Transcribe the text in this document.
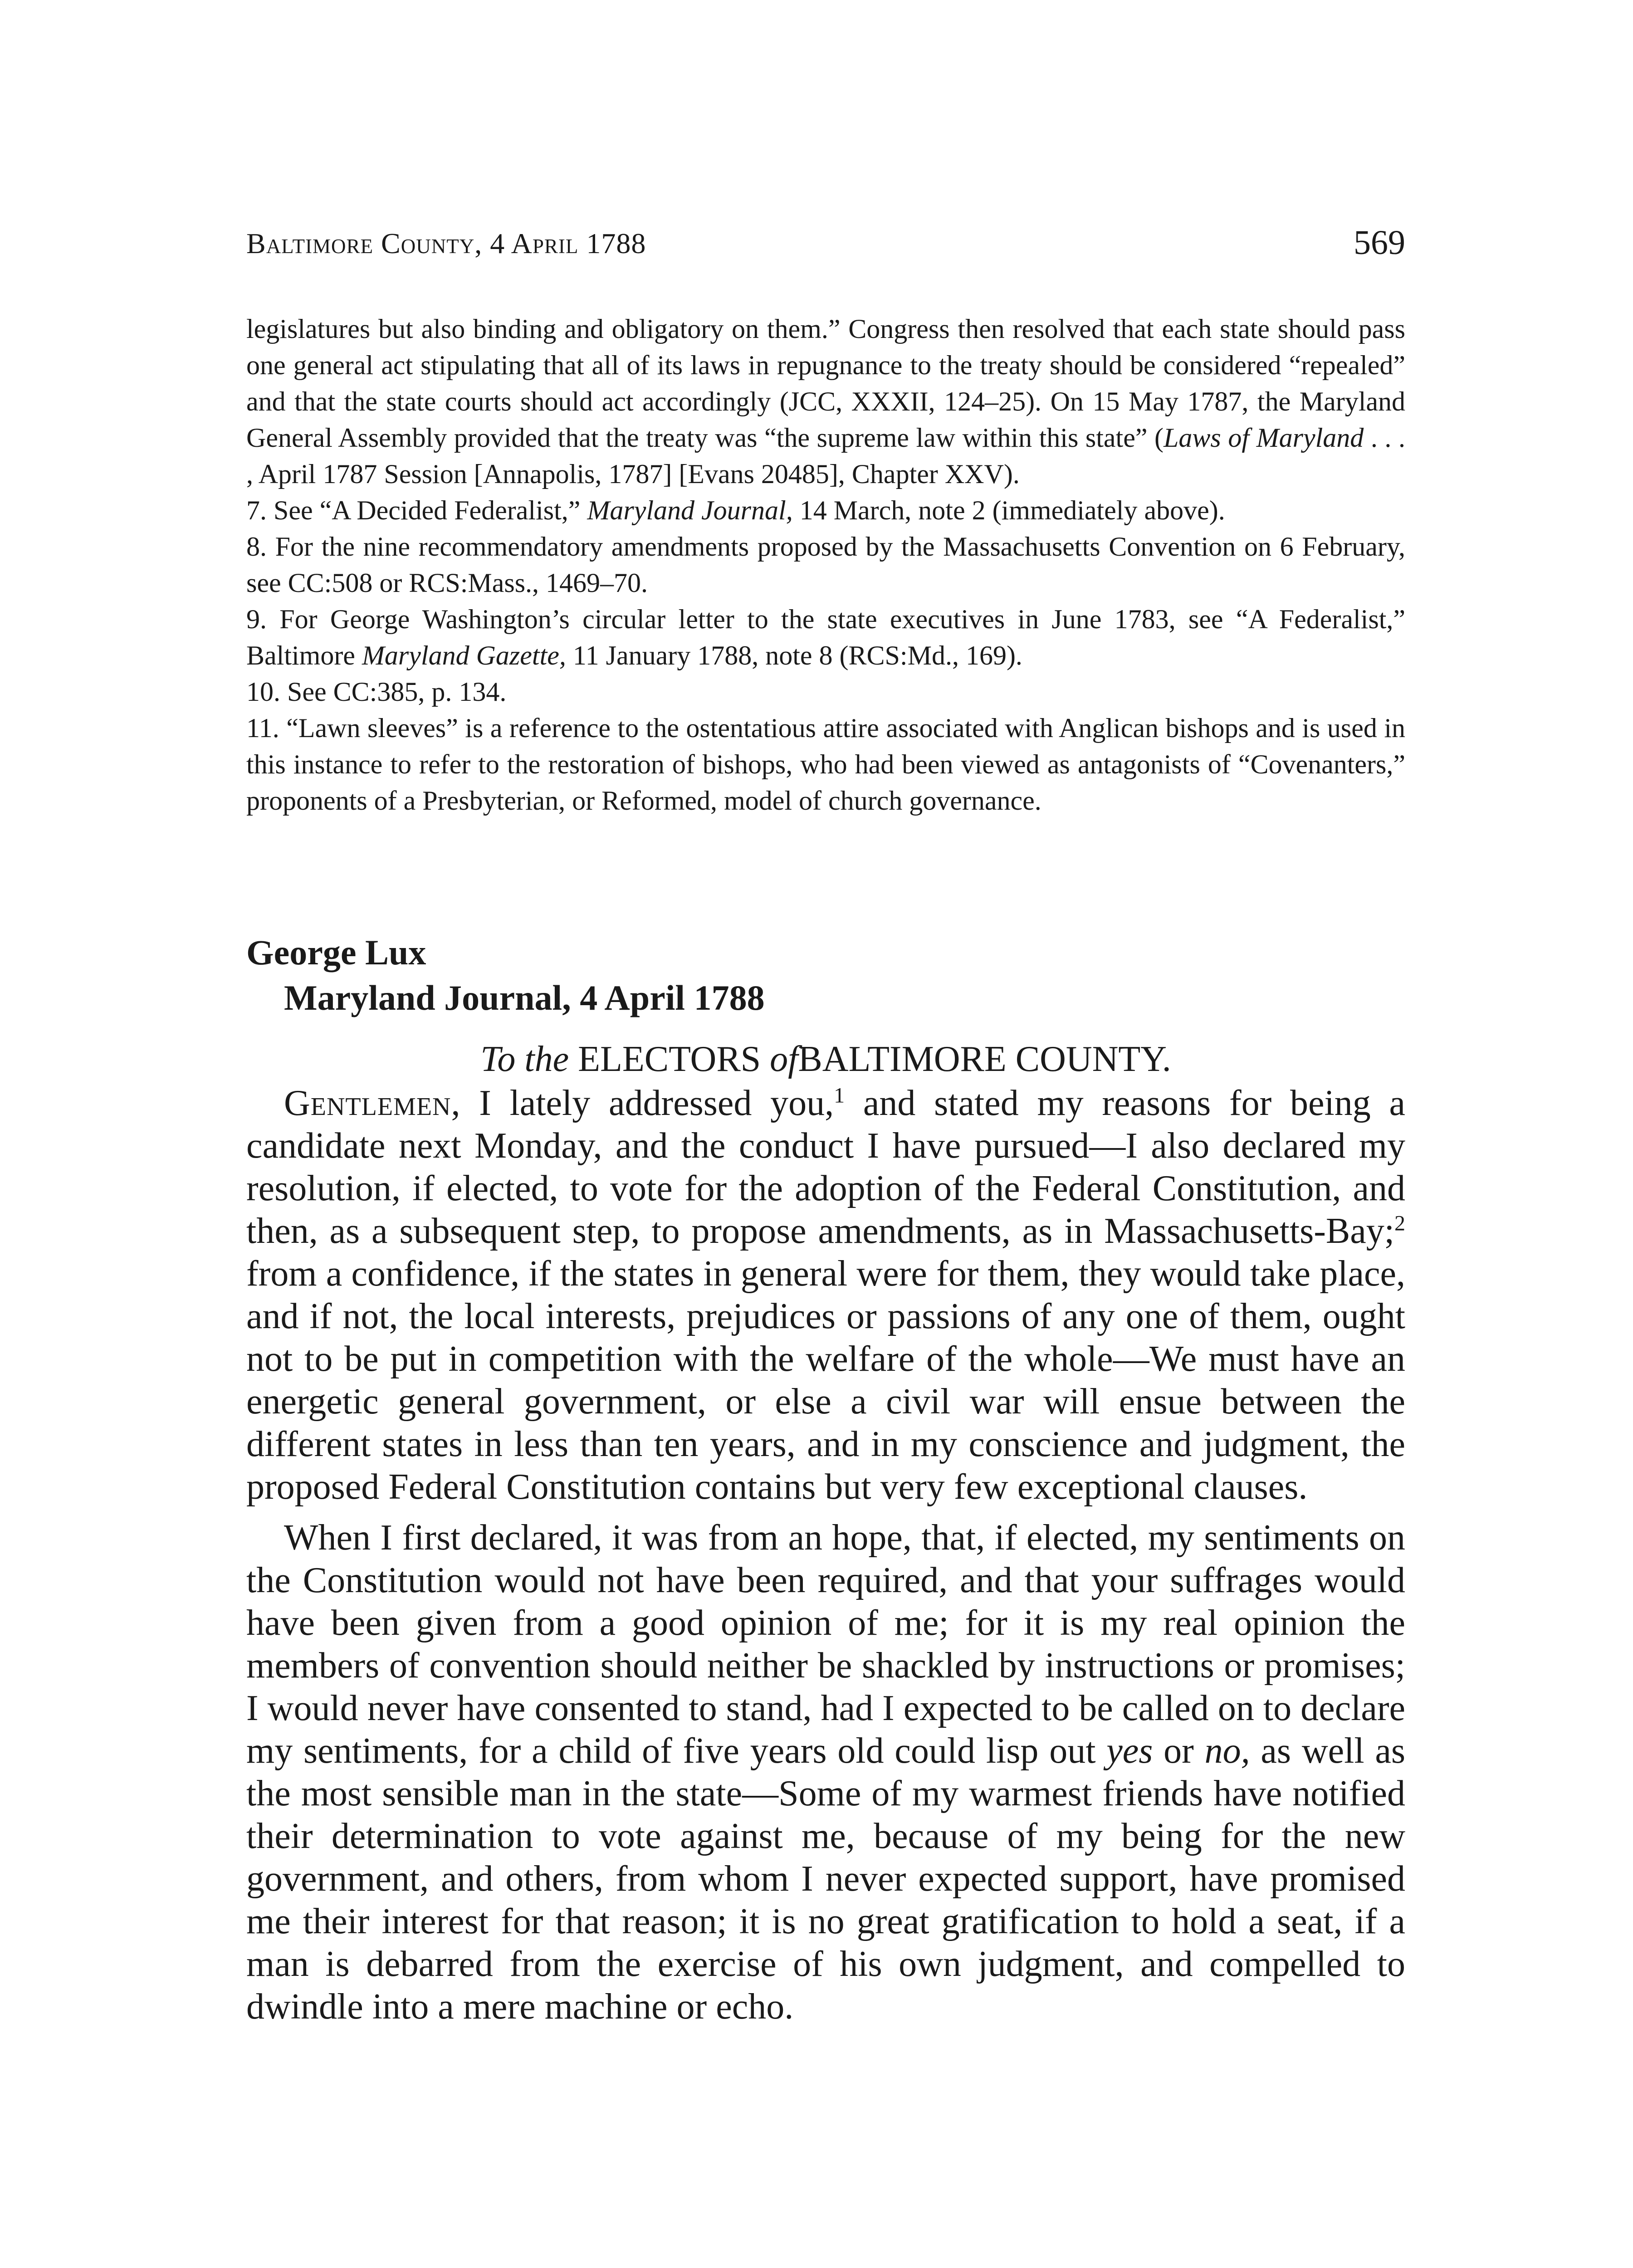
Baltimore County, 4 April 1788	569

legislatures but also binding and obligatory on them.” Congress then resolved that each state should pass one general act stipulating that all of its laws in repugnance to the treaty should be considered “repealed” and that the state courts should act accordingly (JCC, XXXII, 124–25). On 15 May 1787, the Maryland General Assembly provided that the treaty was “the supreme law within this state” (Laws of Maryland . . . , April 1787 Session [Annapolis, 1787] [Evans 20485], Chapter XXV).

7. See “A Decided Federalist,” Maryland Journal, 14 March, note 2 (immediately above).

8. For the nine recommendatory amendments proposed by the Massachusetts Convention on 6 February, see CC:508 or RCS:Mass., 1469–70.

9. For George Washington’s circular letter to the state executives in June 1783, see “A Federalist,” Baltimore Maryland Gazette, 11 January 1788, note 8 (RCS:Md., 169).

10. See CC:385, p. 134.

11. “Lawn sleeves” is a reference to the ostentatious attire associated with Anglican bishops and is used in this instance to refer to the restoration of bishops, who had been viewed as antagonists of “Covenanters,” proponents of a Presbyterian, or Reformed, model of church governance.

George Lux

Maryland Journal, 4 April 1788

To the ELECTORS ofBALTIMORE COUNTY.

Gentlemen, I lately addressed you,$^1$ and stated my reasons for being a candidate next Monday, and the conduct I have pursued—I also declared my resolution, if elected, to vote for the adoption of the Federal Constitution, and then, as a subsequent step, to propose amendments, as in Massachusetts-Bay;$^2$ from a confidence, if the states in general were for them, they would take place, and if not, the local interests, prejudices or passions of any one of them, ought not to be put in competition with the welfare of the whole—We must have an energetic general government, or else a civil war will ensue between the different states in less than ten years, and in my conscience and judgment, the proposed Federal Constitution contains but very few exceptional clauses.

When I first declared, it was from an hope, that, if elected, my sentiments on the Constitution would not have been required, and that your suffrages would have been given from a good opinion of me; for it is my real opinion the members of convention should neither be shackled by instructions or promises; I would never have consented to stand, had I expected to be called on to declare my sentiments, for a child of five years old could lisp out yes or no, as well as the most sensible man in the state—Some of my warmest friends have notified their determination to vote against me, because of my being for the new government, and others, from whom I never expected support, have promised me their interest for that reason; it is no great gratification to hold a seat, if a man is debarred from the exercise of his own judgment, and compelled to dwindle into a mere machine or echo.
